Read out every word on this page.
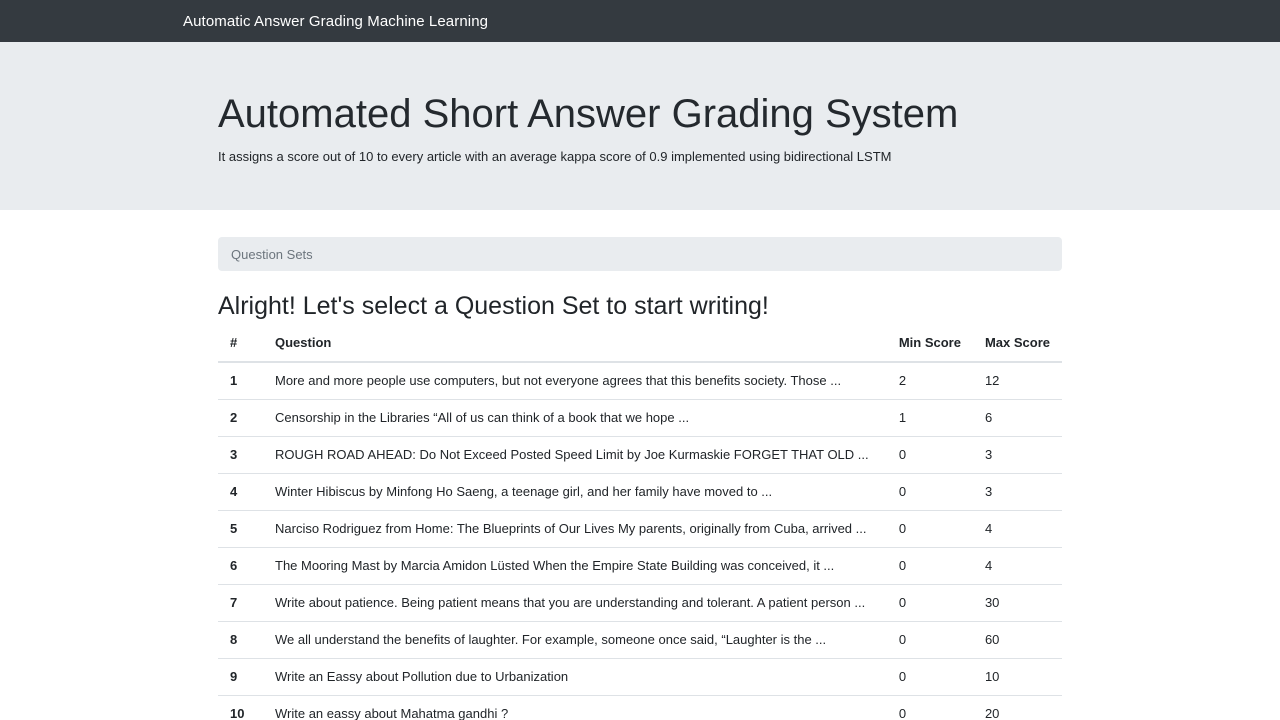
Automatic Answer Grading Machine Learning
Automated Short Answer Grading System

It assigns a score out of 10 to every article with an average kappa score of 0.9 implemented using bidirectional LSTM

Question Sets
Alright! Let's select a Question Set to start writing!
#	Question	Min Score	Max Score
1	More and more people use computers, but not everyone agrees that this benefits society. Those ...	2	12
2	Censorship in the Libraries “All of us can think of a book that we hope ...	1	6
3	ROUGH ROAD AHEAD: Do Not Exceed Posted Speed Limit by Joe Kurmaskie FORGET THAT OLD ...	0	3
4	Winter Hibiscus by Minfong Ho Saeng, a teenage girl, and her family have moved to ...	0	3
5	Narciso Rodriguez from Home: The Blueprints of Our Lives My parents, originally from Cuba, arrived ...	0	4
6	The Mooring Mast by Marcia Amidon Lüsted When the Empire State Building was conceived, it ...	0	4
7	Write about patience. Being patient means that you are understanding and tolerant. A patient person ...	0	30
8	We all understand the benefits of laughter. For example, someone once said, “Laughter is the ...	0	60
9	Write an Eassy about Pollution due to Urbanization	0	10
10	Write an eassy about Mahatma gandhi ?	0	20
